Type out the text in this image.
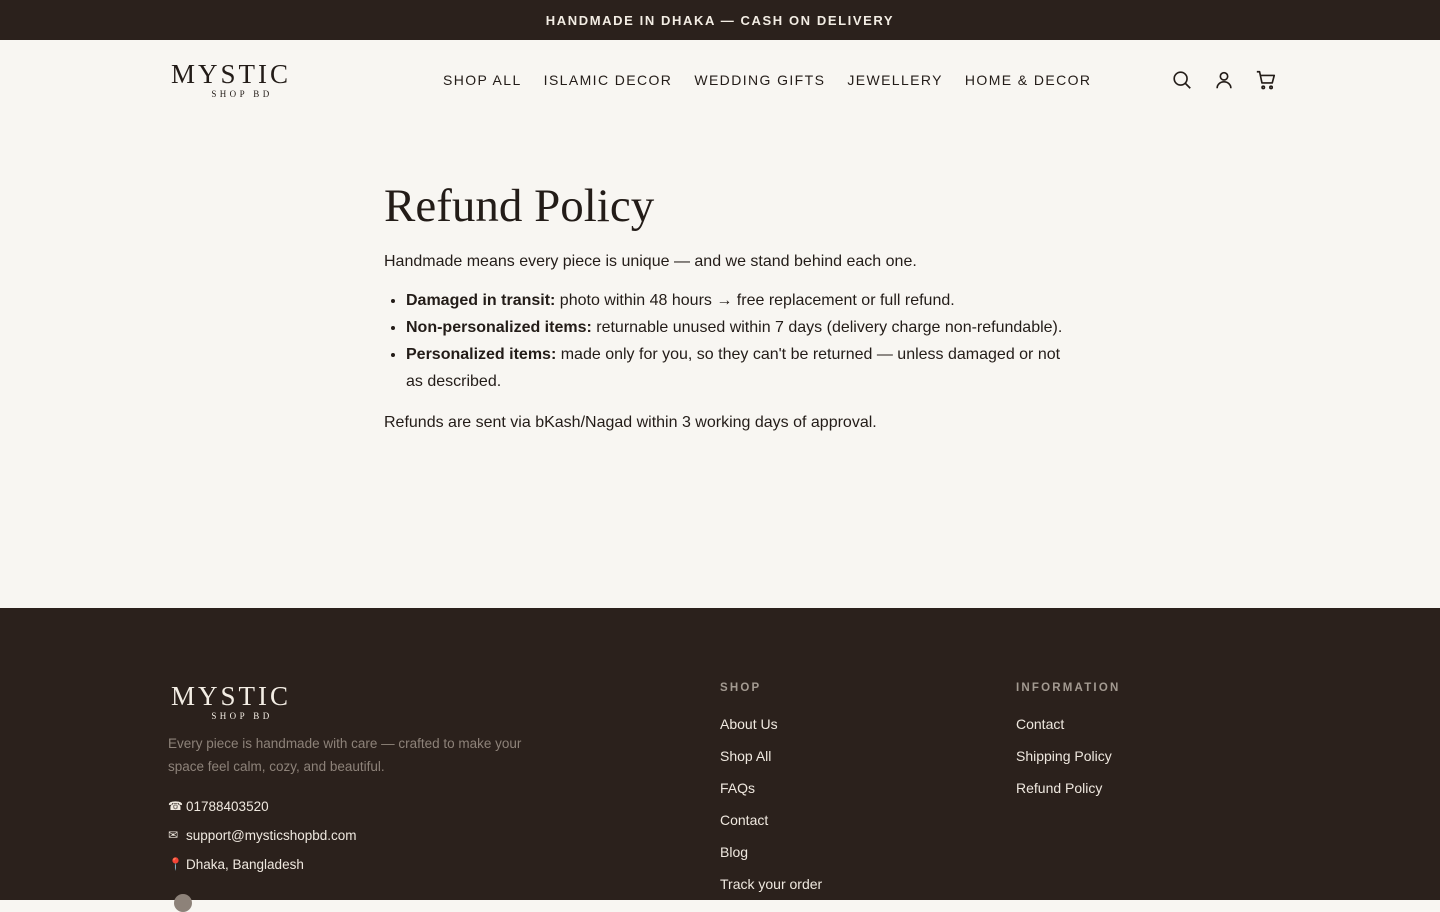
HANDMADE IN DHAKA — CASH ON DELIVERY
MYSTIC
SHOP BD
SHOP ALL ISLAMIC DECOR WEDDING GIFTS JEWELLERY HOME & DECOR
Refund Policy

Handmade means every piece is unique — and we stand behind each one.

• Damaged in transit: photo within 48 hours → free replacement or full refund.
• Non-personalized items: returnable unused within 7 days (delivery charge non-refundable).
• Personalized items: made only for you, so they can't be returned — unless damaged or not as described.

Refunds are sent via bKash/Nagad within 3 working days of approval.

MYSTIC
SHOP BD

Every piece is handmade with care — crafted to make your space feel calm, cozy, and beautiful.

☎ 01788403520
✉ support@mysticshopbd.com
📍 Dhaka, Bangladesh
SHOP
About Us
Shop All
FAQs
Contact
Blog
Track your order
INFORMATION
Contact
Shipping Policy
Refund Policy
